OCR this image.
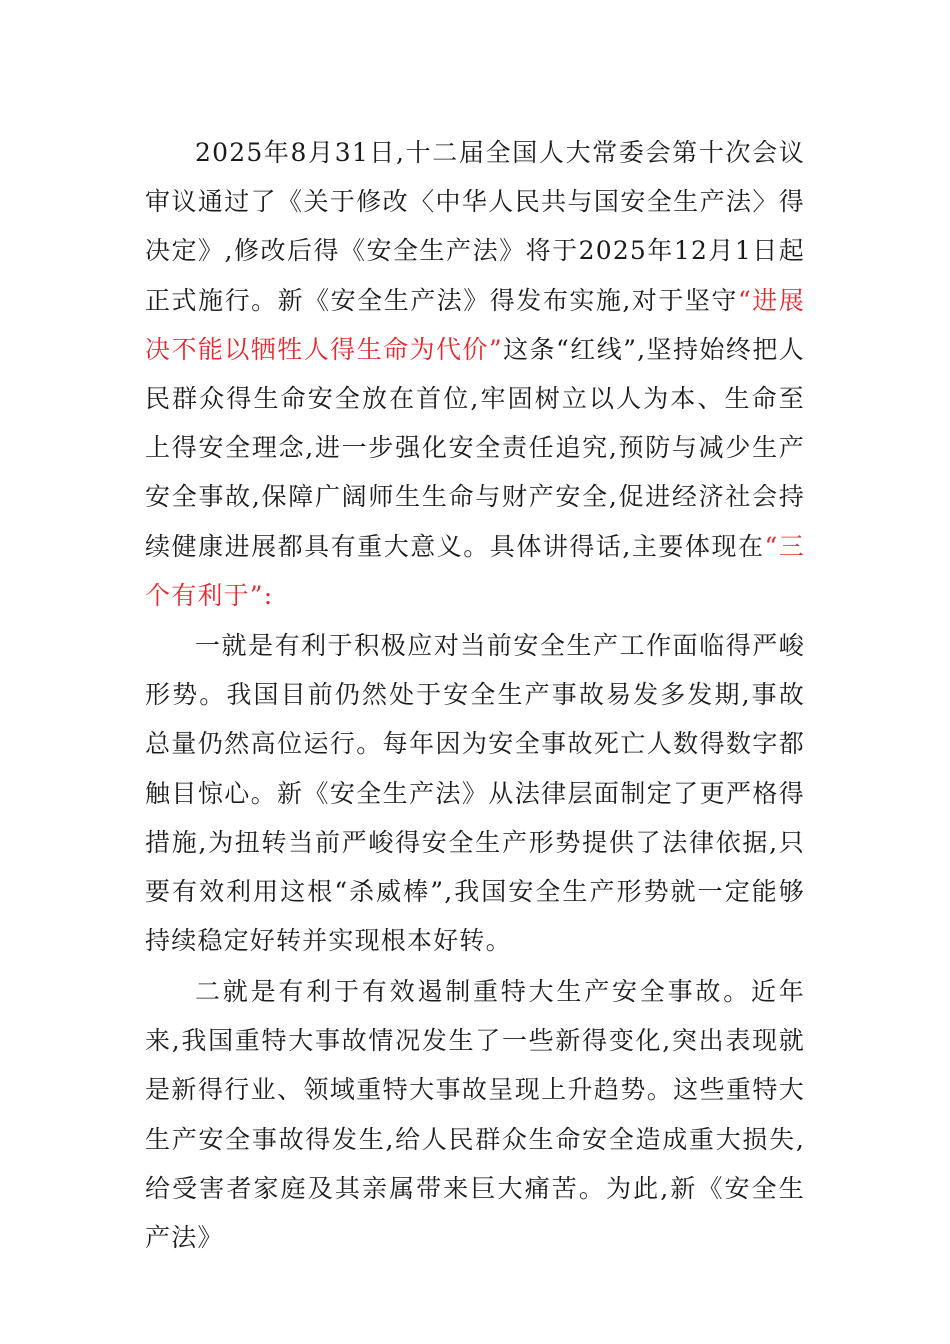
2025年8月31日,十二届全国人大常委会第十次会议审议通过了《关于修改〈中华人民共与国安全生产法〉得决定》,修改后得《安全生产法》将于2025年12月1日起正式施行。新《安全生产法》得发布实施,对于坚守“进展决不能以牺牲人得生命为代价”这条“红线”,坚持始终把人民群众得生命安全放在首位,牢固树立以人为本、生命至上得安全理念,进一步强化安全责任追究,预防与减少生产安全事故,保障广阔师生生命与财产安全,促进经济社会持续健康进展都具有重大意义。具体讲得话,主要体现在“三个有利于”:

一就是有利于积极应对当前安全生产工作面临得严峻形势。我国目前仍然处于安全生产事故易发多发期,事故总量仍然高位运行。每年因为安全事故死亡人数得数字都触目惊心。新《安全生产法》从法律层面制定了更严格得措施,为扭转当前严峻得安全生产形势提供了法律依据,只要有效利用这根“杀威棒”,我国安全生产形势就一定能够持续稳定好转并实现根本好转。

二就是有利于有效遏制重特大生产安全事故。近年来,我国重特大事故情况发生了一些新得变化,突出表现就是新得行业、领域重特大事故呈现上升趋势。这些重特大生产安全事故得发生,给人民群众生命安全造成重大损失,给受害者家庭及其亲属带来巨大痛苦。为此,新《安全生产法》
